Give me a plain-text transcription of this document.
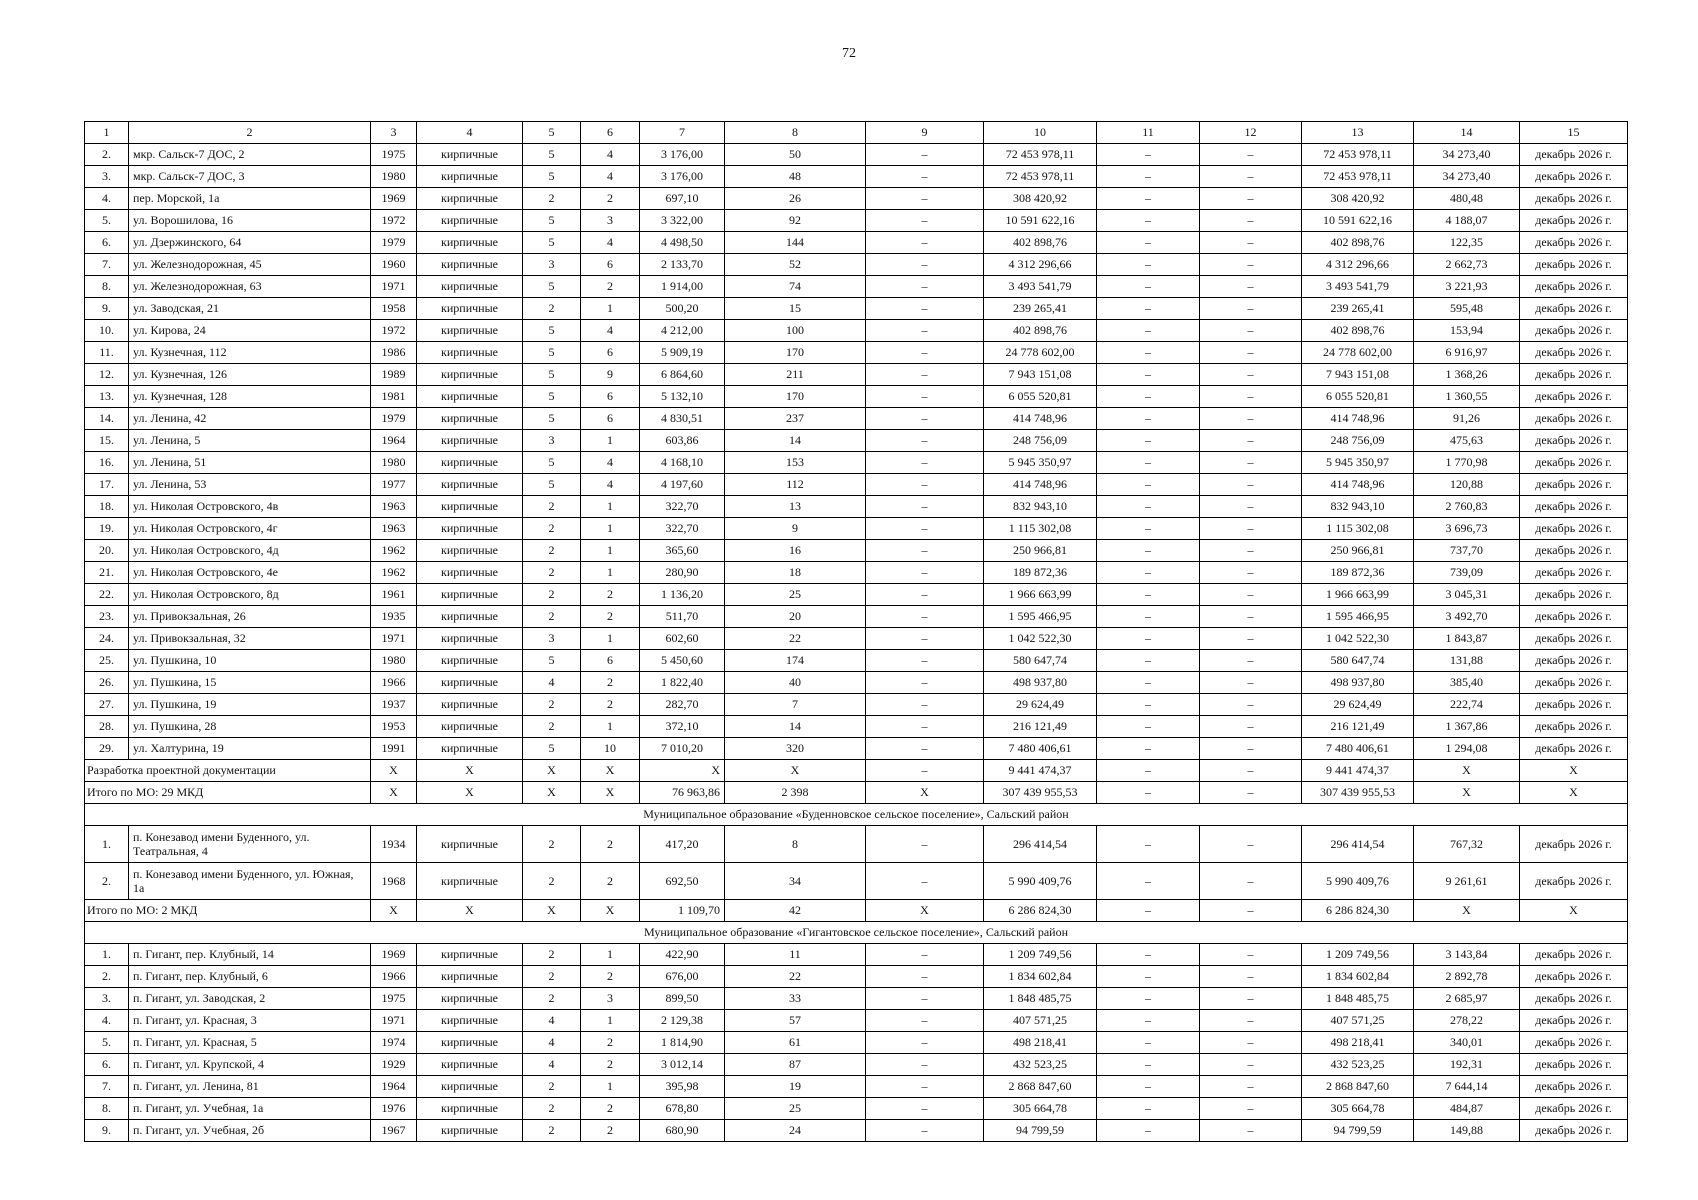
72
1	2	3	4	5	6	7	8	9	10	11	12	13	14	15
2.	мкр. Сальск-7 ДОС, 2	1975	кирпичные	5	4	3 176,00	50	–	72 453 978,11	–	–	72 453 978,11	34 273,40	декабрь 2026 г.
3.	мкр. Сальск-7 ДОС, 3	1980	кирпичные	5	4	3 176,00	48	–	72 453 978,11	–	–	72 453 978,11	34 273,40	декабрь 2026 г.
4.	пер. Морской, 1а	1969	кирпичные	2	2	697,10	26	–	308 420,92	–	–	308 420,92	480,48	декабрь 2026 г.
5.	ул. Ворошилова, 16	1972	кирпичные	5	3	3 322,00	92	–	10 591 622,16	–	–	10 591 622,16	4 188,07	декабрь 2026 г.
6.	ул. Дзержинского, 64	1979	кирпичные	5	4	4 498,50	144	–	402 898,76	–	–	402 898,76	122,35	декабрь 2026 г.
7.	ул. Железнодорожная, 45	1960	кирпичные	3	6	2 133,70	52	–	4 312 296,66	–	–	4 312 296,66	2 662,73	декабрь 2026 г.
8.	ул. Железнодорожная, 63	1971	кирпичные	5	2	1 914,00	74	–	3 493 541,79	–	–	3 493 541,79	3 221,93	декабрь 2026 г.
9.	ул. Заводская, 21	1958	кирпичные	2	1	500,20	15	–	239 265,41	–	–	239 265,41	595,48	декабрь 2026 г.
10.	ул. Кирова, 24	1972	кирпичные	5	4	4 212,00	100	–	402 898,76	–	–	402 898,76	153,94	декабрь 2026 г.
11.	ул. Кузнечная, 112	1986	кирпичные	5	6	5 909,19	170	–	24 778 602,00	–	–	24 778 602,00	6 916,97	декабрь 2026 г.
12.	ул. Кузнечная, 126	1989	кирпичные	5	9	6 864,60	211	–	7 943 151,08	–	–	7 943 151,08	1 368,26	декабрь 2026 г.
13.	ул. Кузнечная, 128	1981	кирпичные	5	6	5 132,10	170	–	6 055 520,81	–	–	6 055 520,81	1 360,55	декабрь 2026 г.
14.	ул. Ленина, 42	1979	кирпичные	5	6	4 830,51	237	–	414 748,96	–	–	414 748,96	91,26	декабрь 2026 г.
15.	ул. Ленина, 5	1964	кирпичные	3	1	603,86	14	–	248 756,09	–	–	248 756,09	475,63	декабрь 2026 г.
16.	ул. Ленина, 51	1980	кирпичные	5	4	4 168,10	153	–	5 945 350,97	–	–	5 945 350,97	1 770,98	декабрь 2026 г.
17.	ул. Ленина, 53	1977	кирпичные	5	4	4 197,60	112	–	414 748,96	–	–	414 748,96	120,88	декабрь 2026 г.
18.	ул. Николая Островского, 4в	1963	кирпичные	2	1	322,70	13	–	832 943,10	–	–	832 943,10	2 760,83	декабрь 2026 г.
19.	ул. Николая Островского, 4г	1963	кирпичные	2	1	322,70	9	–	1 115 302,08	–	–	1 115 302,08	3 696,73	декабрь 2026 г.
20.	ул. Николая Островского, 4д	1962	кирпичные	2	1	365,60	16	–	250 966,81	–	–	250 966,81	737,70	декабрь 2026 г.
21.	ул. Николая Островского, 4е	1962	кирпичные	2	1	280,90	18	–	189 872,36	–	–	189 872,36	739,09	декабрь 2026 г.
22.	ул. Николая Островского, 8д	1961	кирпичные	2	2	1 136,20	25	–	1 966 663,99	–	–	1 966 663,99	3 045,31	декабрь 2026 г.
23.	ул. Привокзальная, 26	1935	кирпичные	2	2	511,70	20	–	1 595 466,95	–	–	1 595 466,95	3 492,70	декабрь 2026 г.
24.	ул. Привокзальная, 32	1971	кирпичные	3	1	602,60	22	–	1 042 522,30	–	–	1 042 522,30	1 843,87	декабрь 2026 г.
25.	ул. Пушкина, 10	1980	кирпичные	5	6	5 450,60	174	–	580 647,74	–	–	580 647,74	131,88	декабрь 2026 г.
26.	ул. Пушкина, 15	1966	кирпичные	4	2	1 822,40	40	–	498 937,80	–	–	498 937,80	385,40	декабрь 2026 г.
27.	ул. Пушкина, 19	1937	кирпичные	2	2	282,70	7	–	29 624,49	–	–	29 624,49	222,74	декабрь 2026 г.
28.	ул. Пушкина, 28	1953	кирпичные	2	1	372,10	14	–	216 121,49	–	–	216 121,49	1 367,86	декабрь 2026 г.
29.	ул. Халтурина, 19	1991	кирпичные	5	10	7 010,20	320	–	7 480 406,61	–	–	7 480 406,61	1 294,08	декабрь 2026 г.
Разработка проектной документации		X	X	X	X	X	X	–	9 441 474,37	–	–	9 441 474,37	X	X
Итого по МО: 29 МКД		X	X	X	X	76 963,86	2 398	X	307 439 955,53	–	–	307 439 955,53	X	X
Муниципальное образование «Буденновское сельское поселение», Сальский район														
1.	п. Конезавод имени Буденного, ул. Театральная, 4	1934	кирпичные	2	2	417,20	8	–	296 414,54	–	–	296 414,54	767,32	декабрь 2026 г.
2.	п. Конезавод имени Буденного, ул. Южная, 1а	1968	кирпичные	2	2	692,50	34	–	5 990 409,76	–	–	5 990 409,76	9 261,61	декабрь 2026 г.
Итого по МО: 2 МКД		X	X	X	X	1 109,70	42	X	6 286 824,30	–	–	6 286 824,30	X	X
Муниципальное образование «Гигантовское сельское поселение», Сальский район														
1.	п. Гигант, пер. Клубный, 14	1969	кирпичные	2	1	422,90	11	–	1 209 749,56	–	–	1 209 749,56	3 143,84	декабрь 2026 г.
2.	п. Гигант, пер. Клубный, 6	1966	кирпичные	2	2	676,00	22	–	1 834 602,84	–	–	1 834 602,84	2 892,78	декабрь 2026 г.
3.	п. Гигант, ул. Заводская, 2	1975	кирпичные	2	3	899,50	33	–	1 848 485,75	–	–	1 848 485,75	2 685,97	декабрь 2026 г.
4.	п. Гигант, ул. Красная, 3	1971	кирпичные	4	1	2 129,38	57	–	407 571,25	–	–	407 571,25	278,22	декабрь 2026 г.
5.	п. Гигант, ул. Красная, 5	1974	кирпичные	4	2	1 814,90	61	–	498 218,41	–	–	498 218,41	340,01	декабрь 2026 г.
6.	п. Гигант, ул. Крупской, 4	1929	кирпичные	4	2	3 012,14	87	–	432 523,25	–	–	432 523,25	192,31	декабрь 2026 г.
7.	п. Гигант, ул. Ленина, 81	1964	кирпичные	2	1	395,98	19	–	2 868 847,60	–	–	2 868 847,60	7 644,14	декабрь 2026 г.
8.	п. Гигант, ул. Учебная, 1а	1976	кирпичные	2	2	678,80	25	–	305 664,78	–	–	305 664,78	484,87	декабрь 2026 г.
9.	п. Гигант, ул. Учебная, 2б	1967	кирпичные	2	2	680,90	24	–	94 799,59	–	–	94 799,59	149,88	декабрь 2026 г.
